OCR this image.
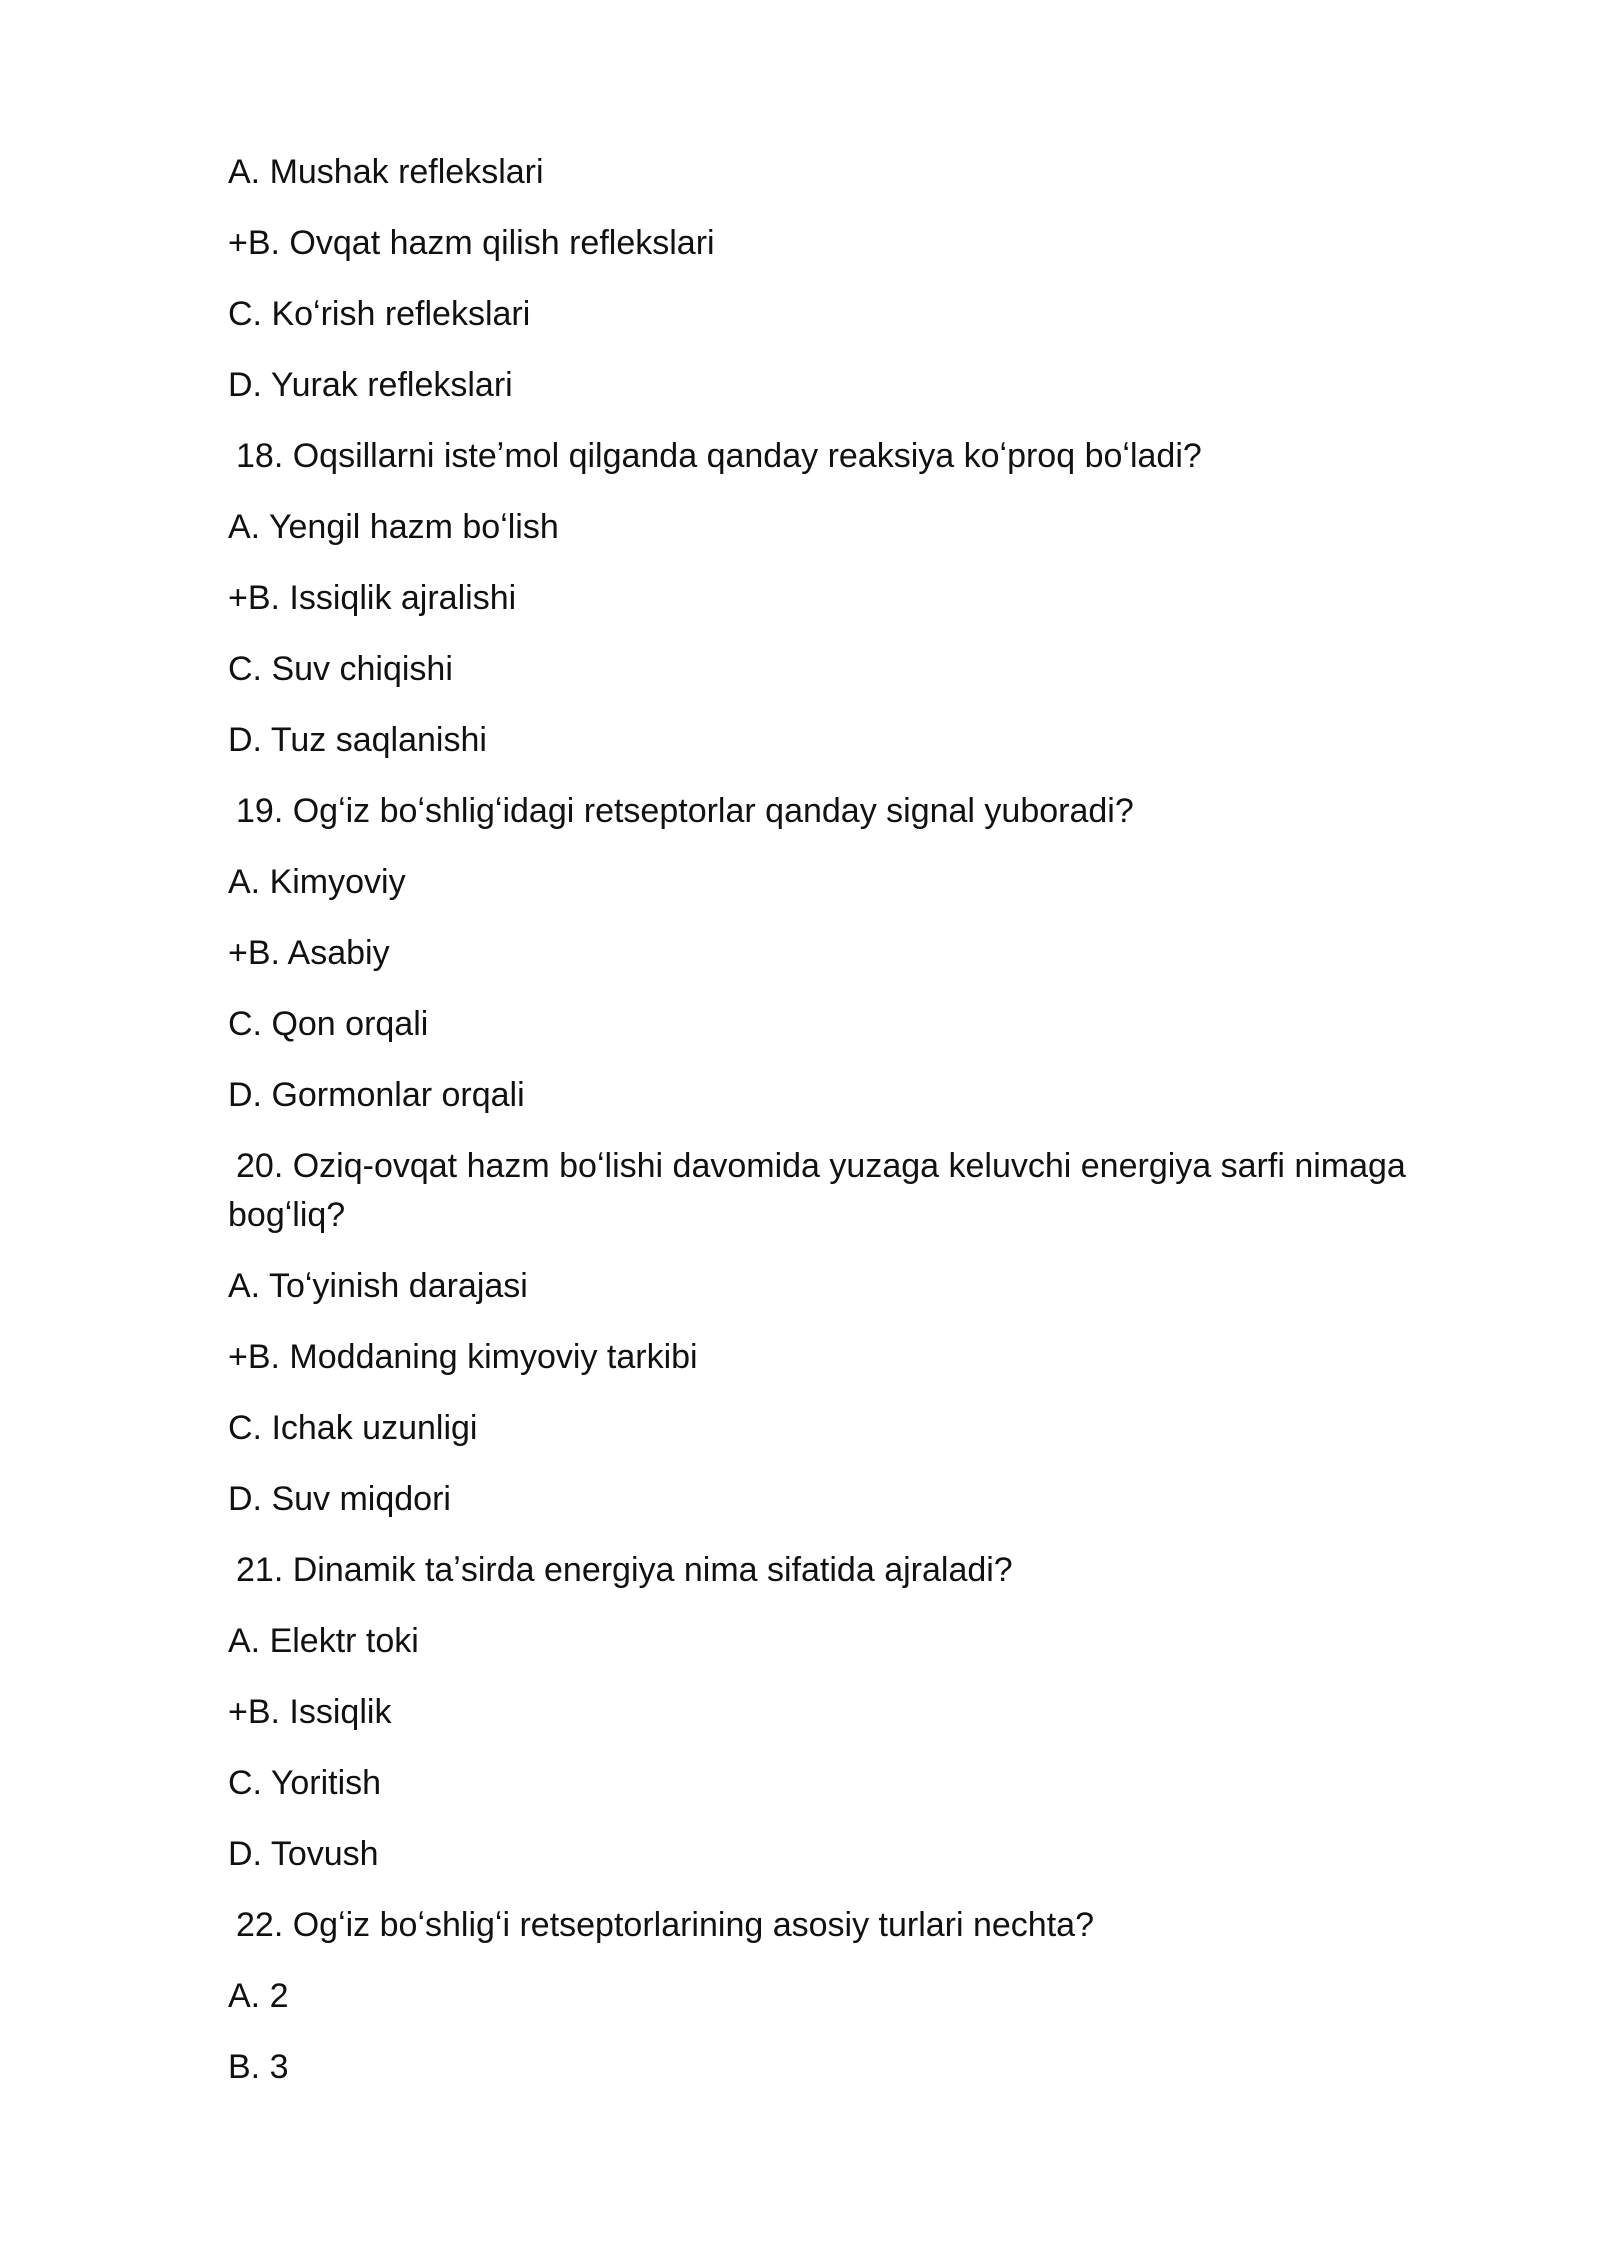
A. Mushak reflekslari

+B. Ovqat hazm qilish reflekslari

C. Koʻrish reflekslari

D. Yurak reflekslari

18. Oqsillarni isteʼmol qilganda qanday reaksiya koʻproq boʻladi?

A. Yengil hazm boʻlish

+B. Issiqlik ajralishi

C. Suv chiqishi

D. Tuz saqlanishi

19. Ogʻiz boʻshligʻidagi retseptorlar qanday signal yuboradi?

A. Kimyoviy

+B. Asabiy

C. Qon orqali

D. Gormonlar orqali

20. Oziq-ovqat hazm boʻlishi davomida yuzaga keluvchi energiya sarfi nimaga bogʻliq?

A. Toʻyinish darajasi

+B. Moddaning kimyoviy tarkibi

C. Ichak uzunligi

D. Suv miqdori

21. Dinamik taʼsirda energiya nima sifatida ajraladi?

A. Elektr toki

+B. Issiqlik

C. Yoritish

D. Tovush

22. Ogʻiz boʻshligʻi retseptorlarining asosiy turlari nechta?

A. 2

B. 3
